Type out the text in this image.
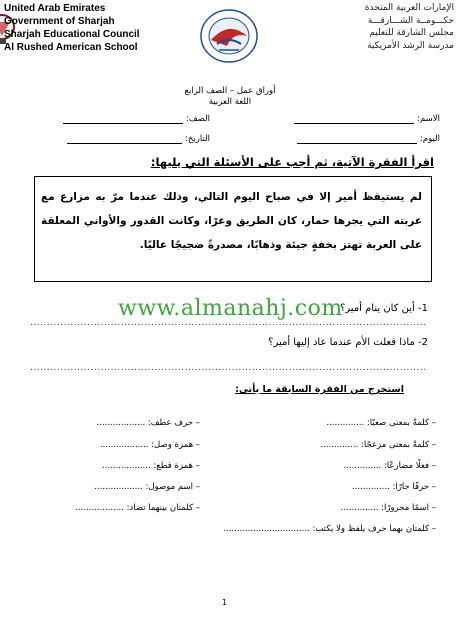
United Arab Emirates
Government of Sharjah
Sharjah Educational Council
Al Rushed American School
الإمارات العربية المتحدة
حكـــومــة الشـــارقـــة
مجلس الشارقة للتعليم
مدرسة الرشد الأمريكية
أوراق عمل – الصف الرابع
اللغة العربية
الاسم:
الصف:
اليوم:
التاريخ:
اقرأ الفقرة الآتية، ثم أجب على الأسئلة التي يليها:
لم يستيقظ أمير إلا في صباح اليوم التالي، وذلك عندما مرّ به مزارع مع عربته التي يجرها حمار، كان الطريق وعرًا، وكانت القدور والأواني المعلقة على العربة تهتز بخفةٍ جيئة وذهابًا، مصدرةً ضجيجًا عاليًا.
1- أين كان ينام أمير؟
......................................................................................................................
www.almanahj.com
2- ماذا فعلت الأم عندما عاد إليها أمير؟
......................................................................................................................
استخرج من الفقرة السابقة ما يأتي:
– كلمةً بمعنى صعبًا: ..............
– كلمةً بمعنى مزعجًا: ..............
– فعلًا مضارعًا: ..............
– حرفًا جارًا: ..............
– اسمًا مجرورًا: ..............
– كلمتان بهما حرف يلفظ ولا يكتب: ................................
– حرف عطف: ..................
– همزة وصل: ..................
– همزة قطع: ..................
– اسم موصول: ..................
– كلمتان بينهما تضاد: ..................
1
